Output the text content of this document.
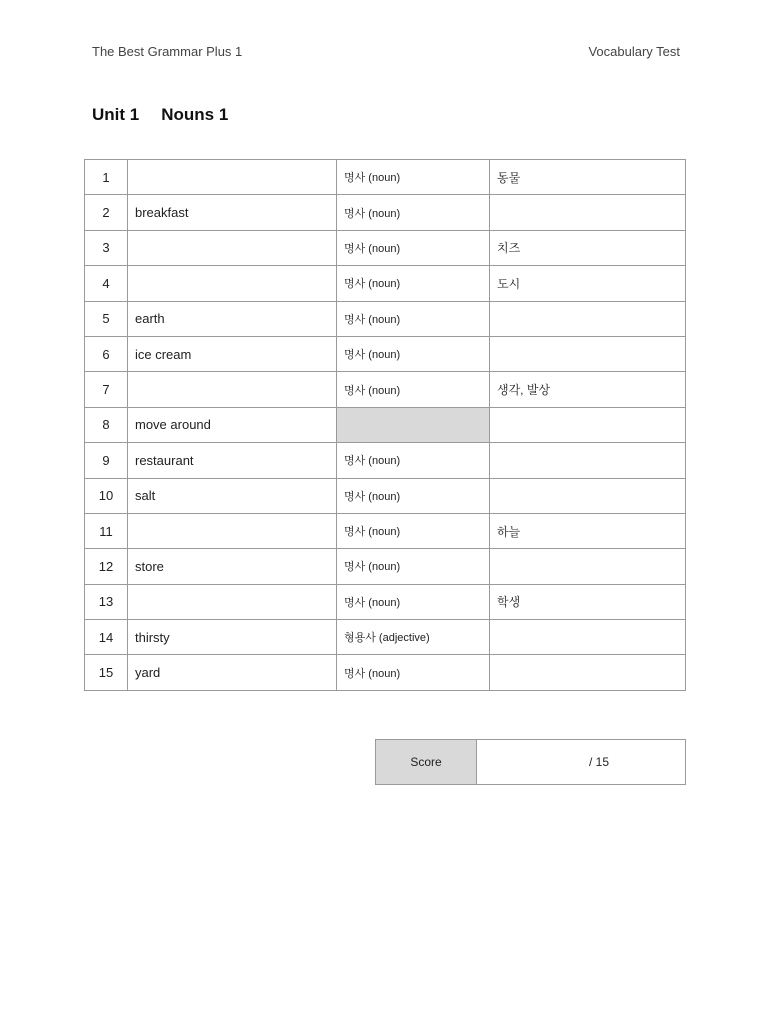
The Best Grammar Plus 1	Vocabulary Test
Unit 1 Nouns 1
1		명사 (noun)	동물
2	breakfast	명사 (noun)	
3		명사 (noun)	치즈
4		명사 (noun)	도시
5	earth	명사 (noun)	
6	ice cream	명사 (noun)	
7		명사 (noun)	생각, 발상
8	move around		
9	restaurant	명사 (noun)	
10	salt	명사 (noun)	
11		명사 (noun)	하늘
12	store	명사 (noun)	
13		명사 (noun)	학생
14	thirsty	형용사 (adjective)	
15	yard	명사 (noun)	
Score	/ 15
